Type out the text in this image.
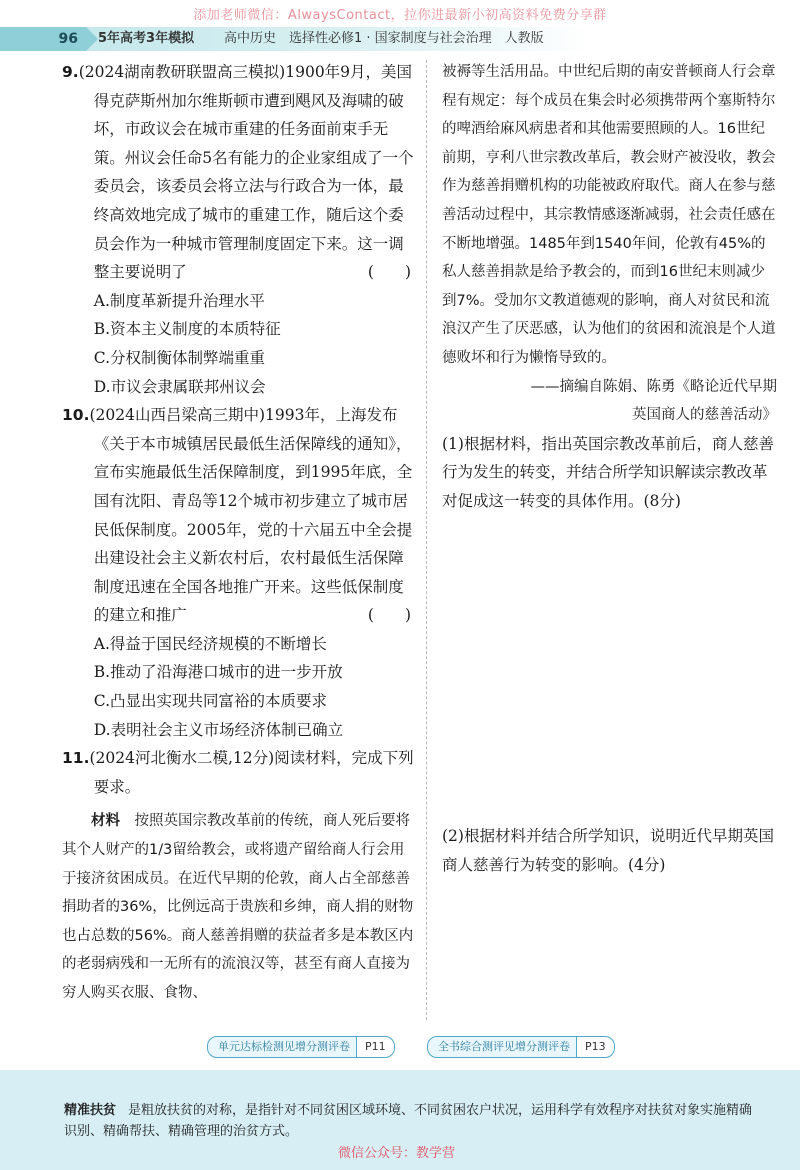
添加老师微信：AlwaysContact，拉你进最新小初高资料免费分享群
96	5年高考3年模拟 高中历史　选择性必修1 · 国家制度与社会治理　人教版

9.(2024湖南教研联盟高三模拟)1900年9月，美国得克萨斯州加尔维斯顿市遭到飓风及海啸的破坏，市政议会在城市重建的任务面前束手无策。州议会任命5名有能力的企业家组成了一个委员会，该委员会将立法与行政合为一体，最终高效地完成了城市的重建工作，随后这个委员会作为一种城市管理制度固定下来。这一调整主要说明了	(　　)

A.制度革新提升治理水平

B.资本主义制度的本质特征

C.分权制衡体制弊端重重

D.市议会隶属联邦州议会

10.(2024山西吕梁高三期中)1993年，上海发布《关于本市城镇居民最低生活保障线的通知》，宣布实施最低生活保障制度，到1995年底，全国有沈阳、青岛等12个城市初步建立了城市居民低保制度。2005年，党的十六届五中全会提出建设社会主义新农村后，农村最低生活保障制度迅速在全国各地推广开来。这些低保制度的建立和推广	(　　)

A.得益于国民经济规模的不断增长

B.推动了沿海港口城市的进一步开放

C.凸显出实现共同富裕的本质要求

D.表明社会主义市场经济体制已确立

11.(2024河北衡水二模,12分)阅读材料，完成下列要求。

材料　 按照英国宗教改革前的传统，商人死后要将其个人财产的1/3留给教会，或将遗产留给商人行会用于接济贫困成员。在近代早期的伦敦，商人占全部慈善捐助者的36%，比例远高于贵族和乡绅，商人捐的财物也占总数的56%。商人慈善捐赠的获益者多是本教区内的老弱病残和一无所有的流浪汉等，甚至有商人直接为穷人购买衣服、食物、

被褥等生活用品。中世纪后期的南安普顿商人行会章程有规定：每个成员在集会时必须携带两个塞斯特尔的啤酒给麻风病患者和其他需要照顾的人。16世纪前期，亨利八世宗教改革后，教会财产被没收，教会作为慈善捐赠机构的功能被政府取代。商人在参与慈善活动过程中，其宗教情感逐渐减弱，社会责任感在不断地增强。1485年到1540年间，伦敦有45%的私人慈善捐款是给予教会的，而到16世纪末则减少到7%。受加尔文教道德观的影响，商人对贫民和流浪汉产生了厌恶感，认为他们的贫困和流浪是个人道德败坏和行为懒惰导致的。

——摘编自陈娟、陈勇《略论近代早期

英国商人的慈善活动》

(1)根据材料，指出英国宗教改革前后，商人慈善行为发生的转变，并结合所学知识解读宗教改革对促成这一转变的具体作用。(8分)

(2)根据材料并结合所学知识，说明近代早期英国商人慈善行为转变的影响。(4分)

单元达标检测见增分测评卷 P11	全书综合测评见增分测评卷 P13
精准扶贫 是粗放扶贫的对称，是指针对不同贫困区域环境、不同贫困农户状况，运用科学有效程序对扶贫对象实施精确识别、精确帮扶、精确管理的治贫方式。
微信公众号：教学营
